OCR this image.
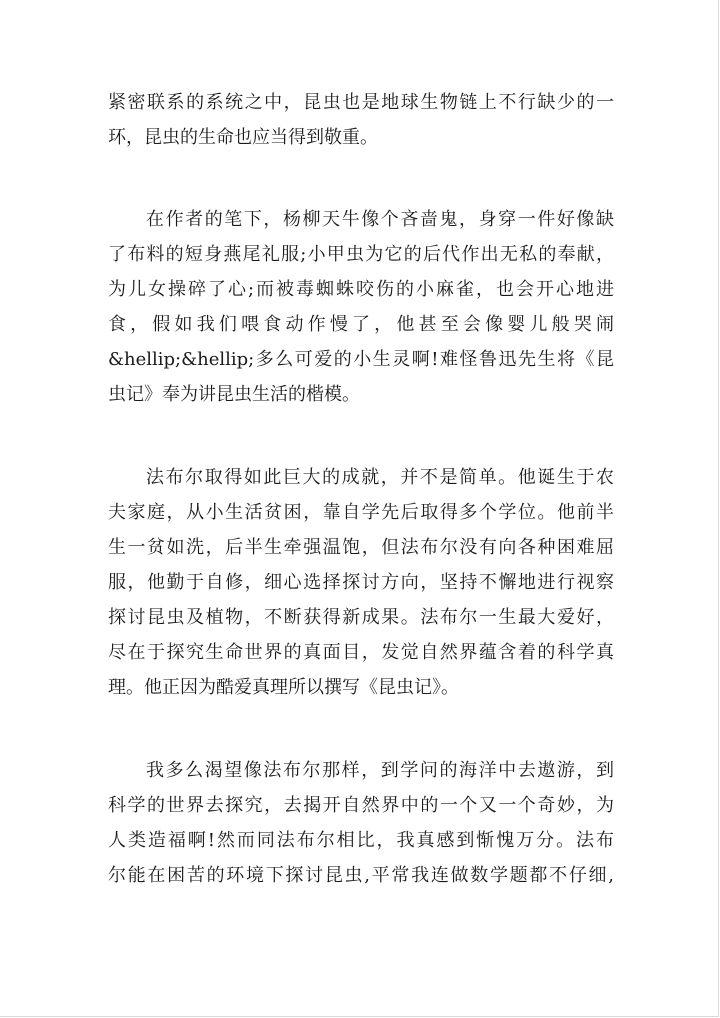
紧密联系的系统之中，昆虫也是地球生物链上不行缺少的一
环，昆虫的生命也应当得到敬重。
在作者的笔下，杨柳天牛像个吝啬鬼，身穿一件好像缺
了布料的短身燕尾礼服;小甲虫为它的后代作出无私的奉献，
为儿女操碎了心;而被毒蜘蛛咬伤的小麻雀，也会开心地进
食，假如我们喂食动作慢了，他甚至会像婴儿般哭闹
&hellip;&hellip;多么可爱的小生灵啊!难怪鲁迅先生将《昆
虫记》奉为讲昆虫生活的楷模。
法布尔取得如此巨大的成就，并不是简单。他诞生于农
夫家庭，从小生活贫困，靠自学先后取得多个学位。他前半
生一贫如洗，后半生牵强温饱，但法布尔没有向各种困难屈
服，他勤于自修，细心选择探讨方向，坚持不懈地进行视察
探讨昆虫及植物，不断获得新成果。法布尔一生最大爱好，
尽在于探究生命世界的真面目，发觉自然界蕴含着的科学真
理。他正因为酷爱真理所以撰写《昆虫记》。
我多么渴望像法布尔那样，到学问的海洋中去遨游，到
科学的世界去探究，去揭开自然界中的一个又一个奇妙，为
人类造福啊!然而同法布尔相比，我真感到惭愧万分。法布
尔能在困苦的环境下探讨昆虫,平常我连做数学题都不仔细,
